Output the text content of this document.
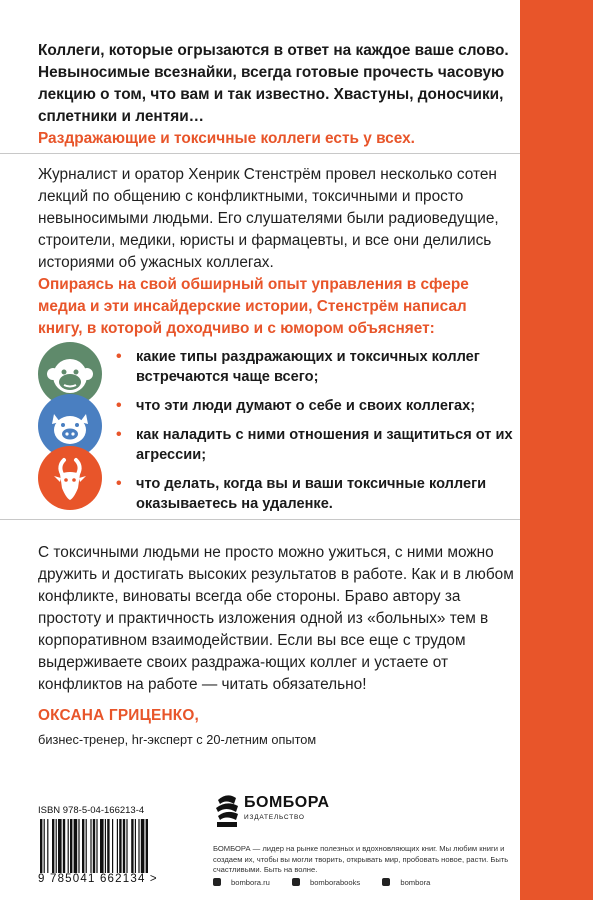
Коллеги, которые огрызаются в ответ на каждое ваше слово. Невыносимые всезнайки, всегда готовые прочесть часовую лекцию о том, что вам и так известно. Хвастуны, доносчики, сплетники и лентяи…
Раздражающие и токсичные коллеги есть у всех.

Журналист и оратор Хенрик Стенстрём провел несколько сотен лекций по общению с конфликтными, токсичными и просто невыносимыми людьми. Его слушателями были радиоведущие, строители, медики, юристы и фармацевты, и все они делились историями об ужасных коллегах.

Опираясь на свой обширный опыт управления в сфере медиа и эти инсайдерские истории, Стенстрём написал книгу, в которой доходчиво и с юмором объясняет:

• какие типы раздражающих и токсичных коллег встречаются чаще всего;
• что эти люди думают о себе и своих коллегах;
• как наладить с ними отношения и защититься от их агрессии;
• что делать, когда вы и ваши токсичные коллеги оказываетесь на удаленке.

С токсичными людьми не просто можно ужиться, с ними можно дружить и достигать высоких результатов в работе. Как и в любом конфликте, виноваты всегда обе стороны. Браво автору за простоту и практичность изложения одной из «больных» тем в корпоративном взаимодействии. Если вы все еще с трудом выдерживаете своих раздража-ющих коллег и устаете от конфликтов на работе — читать обязательно!

ОКСАНА ГРИЦЕНКО,

бизнес-тренер, hr-эксперт с 20-летним опытом

ISBN 978-5-04-166213-4
9 785041 662134 >
БОМБОРА
ИЗДАТЕЛЬСТВО
БОМБОРА — лидер на рынке полезных и вдохновляющих книг. Мы любим книги и создаем их, чтобы вы могли творить, открывать мир, пробовать новое, расти. Быть счастливыми. Быть на волне.
bombora.ru	bomborabooks	bombora
